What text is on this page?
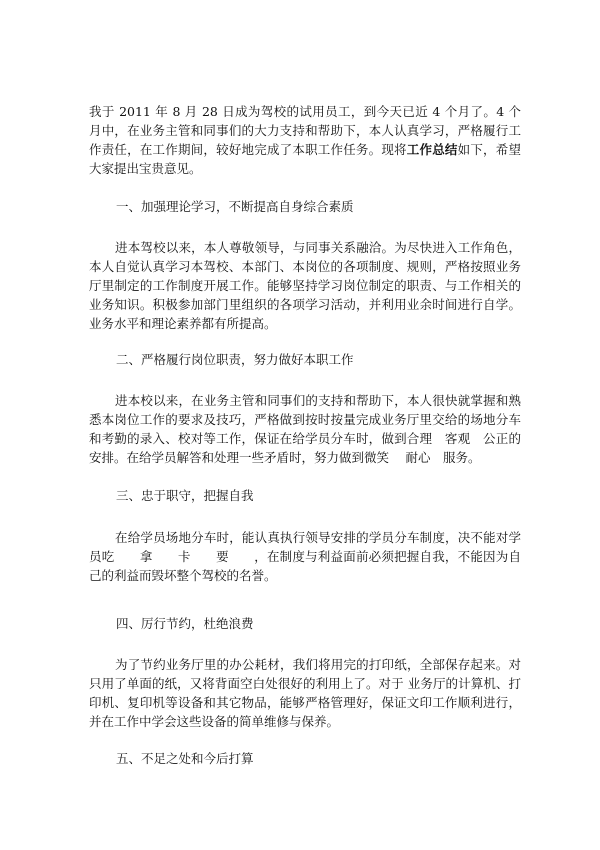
我于 2011 年 8 月 28 日成为驾校的试用员工，到今天已近 4 个月了。4 个月中，在业务主管和同事们的大力支持和帮助下，本人认真学习，严格履行工作责任，在工作期间，较好地完成了本职工作任务。现将工作总结如下，希望大家提出宝贵意见。

一、加强理论学习，不断提高自身综合素质

进本驾校以来，本人尊敬领导，与同事关系融洽。为尽快进入工作角色，本人自觉认真学习本驾校、本部门、本岗位的各项制度、规则，严格按照业务厅里制定的工作制度开展工作。能够坚持学习岗位制定的职责、与工作相关的业务知识。积极参加部门里组织的各项学习活动，并利用业余时间进行自学。业务水平和理论素养都有所提高。

二、严格履行岗位职责，努力做好本职工作

进本校以来，在业务主管和同事们的支持和帮助下，本人很快就掌握和熟悉本岗位工作的要求及技巧，严格做到按时按量完成业务厅里交给的场地分车和考勤的录入、校对等工作，保证在给学员分车时，做到合理　客观　公正的安排。在给学员解答和处理一些矛盾时，努力做到微笑　 耐心　服务。

三、忠于职守，把握自我

在给学员场地分车时，能认真执行领导安排的学员分车制度，决不能对学员吃　　拿　　卡　　要　　，在制度与利益面前必须把握自我，不能因为自己的利益而毁坏整个驾校的名誉。

四、厉行节约，杜绝浪费

为了节约业务厅里的办公耗材，我们将用完的打印纸，全部保存起来。对只用了单面的纸，又将背面空白处很好的利用上了。对于 业务厅的计算机、打印机、复印机等设备和其它物品，能够严格管理好，保证文印工作顺利进行，并在工作中学会这些设备的简单维修与保养。

五、不足之处和今后打算
